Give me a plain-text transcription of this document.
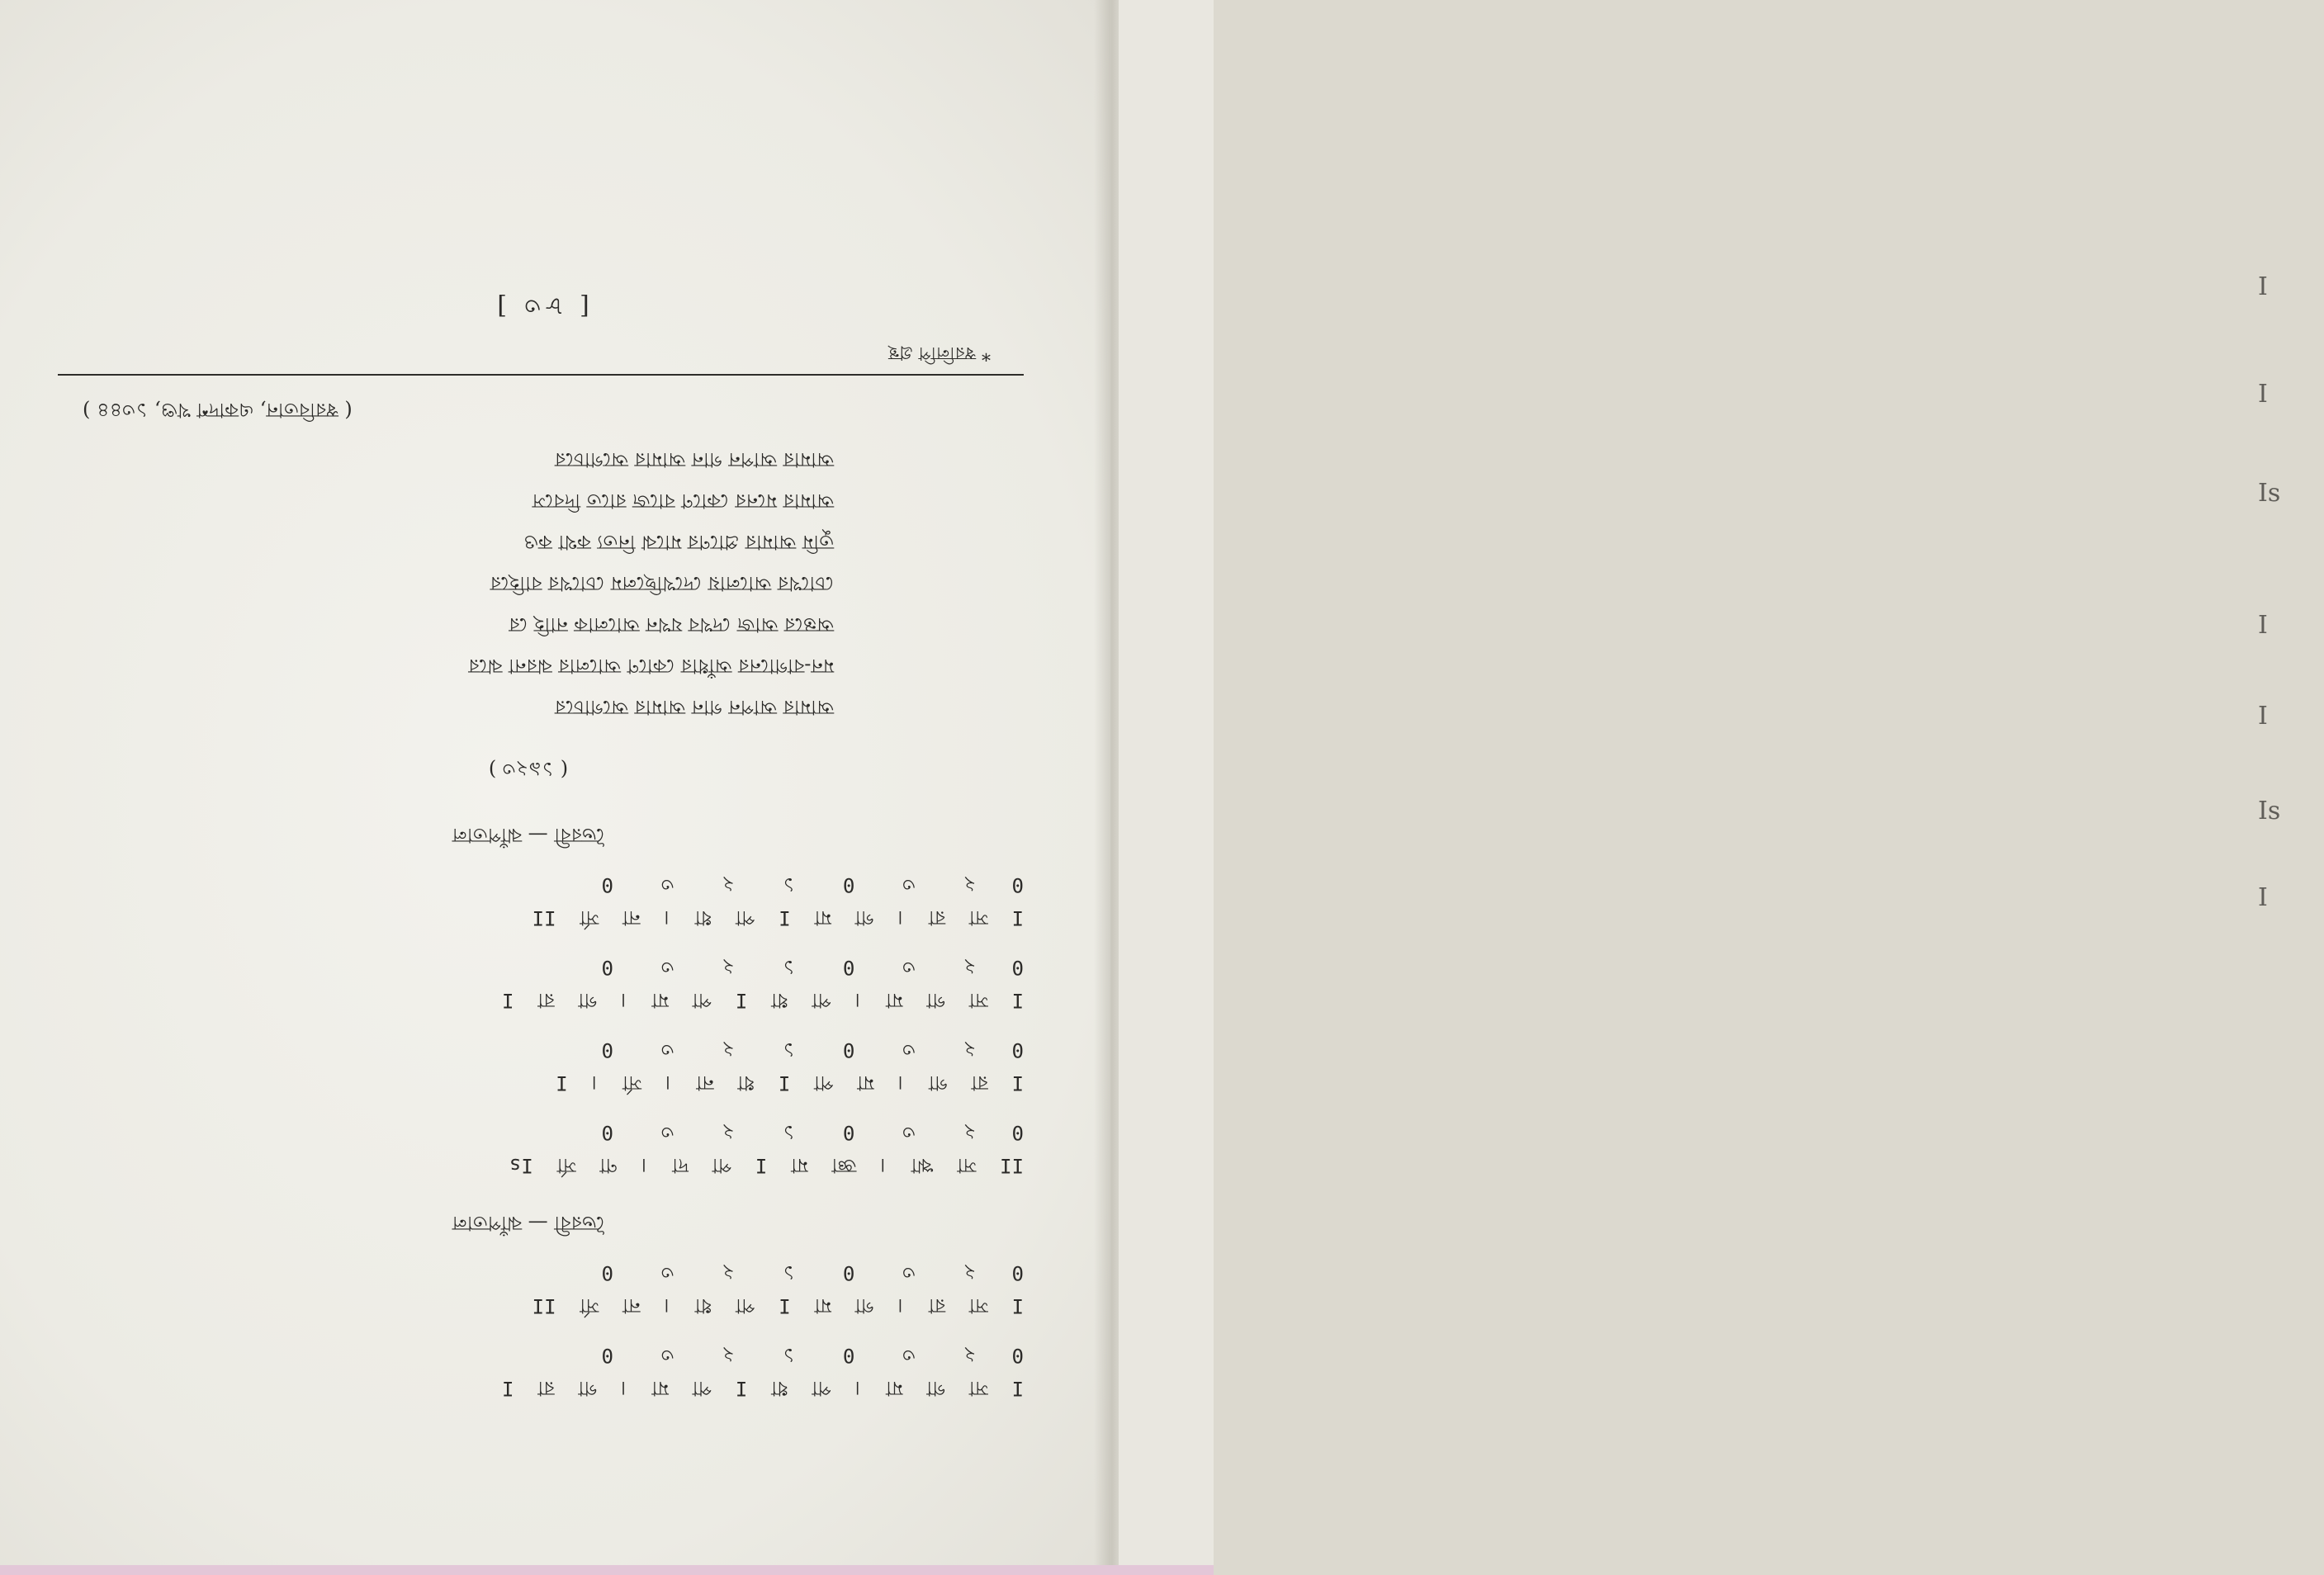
[ ৮৩ ]
* স্বরলিপি গ্রন্থ
( স্বরবিতান, একাদশ খণ্ড, ১৩৪৪ )
আমার আপন গান আমার অগোচরে
আমার মনের কোণে বাজে রাতে দিবসে
তুমি আমার প্রাণের মাঝে নিত্য কথা কও
চোখের আলোয় দেখেছিলেম চোখের বাহিরে
অন্তরে আজ দেখব যখন আলোক নাহি রে
মন-বাগানের আঁধার কোণে আলোর ঝরনা ঝরে
আমার আপন গান আমার অগোচরে
( ১৯২৩ )
ভৈরবী — ঝাঁপতাল
0   ২    ৩    0    ১    ২    ৩    0
I  সা  রা  ।  গা  মা  I  পা  ধা  ।  না  র্সা  II
0   ২    ৩    0    ১    ২    ৩    0
I  সা  গা  মা  ।  পা  ধা  I  পা  মা  ।  গা  রা  I
0   ২    ৩    0    ১    ২    ৩    0
I  রা  গা  ।  মা  পা  I  ধা  না  ।  র্সা  ।  I
0   ২    ৩    0    ১    ২    ৩    0
II  সা  ঋা  ।  জ্ঞা  মা  I  পা  দা  ।  ণা  র্সা  Is
ভৈরবী — ঝাঁপতাল
0   ২    ৩    0    ১    ২    ৩    0
I  সা  রা  ।  গা  মা  I  পা  ধা  ।  না  র্সা  II
0   ২    ৩    0    ১    ২    ৩    0
I  সা  গা  মা  ।  পা  ধা  I  পা  মা  ।  গা  রা  I
I
I
Is
I
I
Is
I
